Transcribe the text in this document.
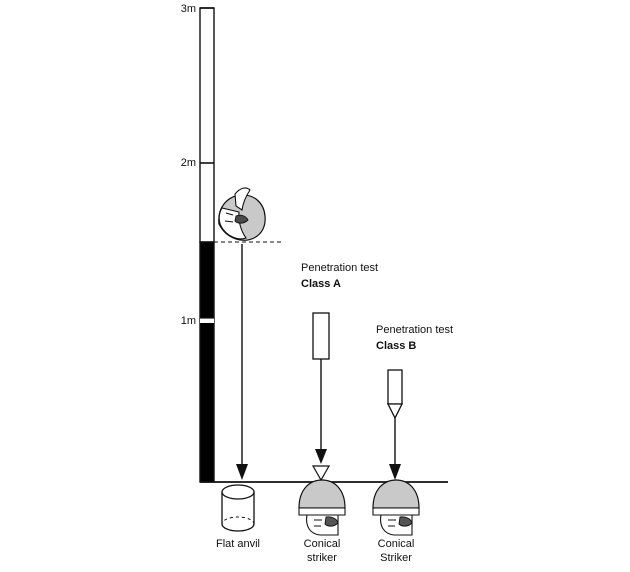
3m
2m
1m
Penetration test
Class A
Penetration test
Class B
Flat anvil	Conical
striker
Conical
Striker
